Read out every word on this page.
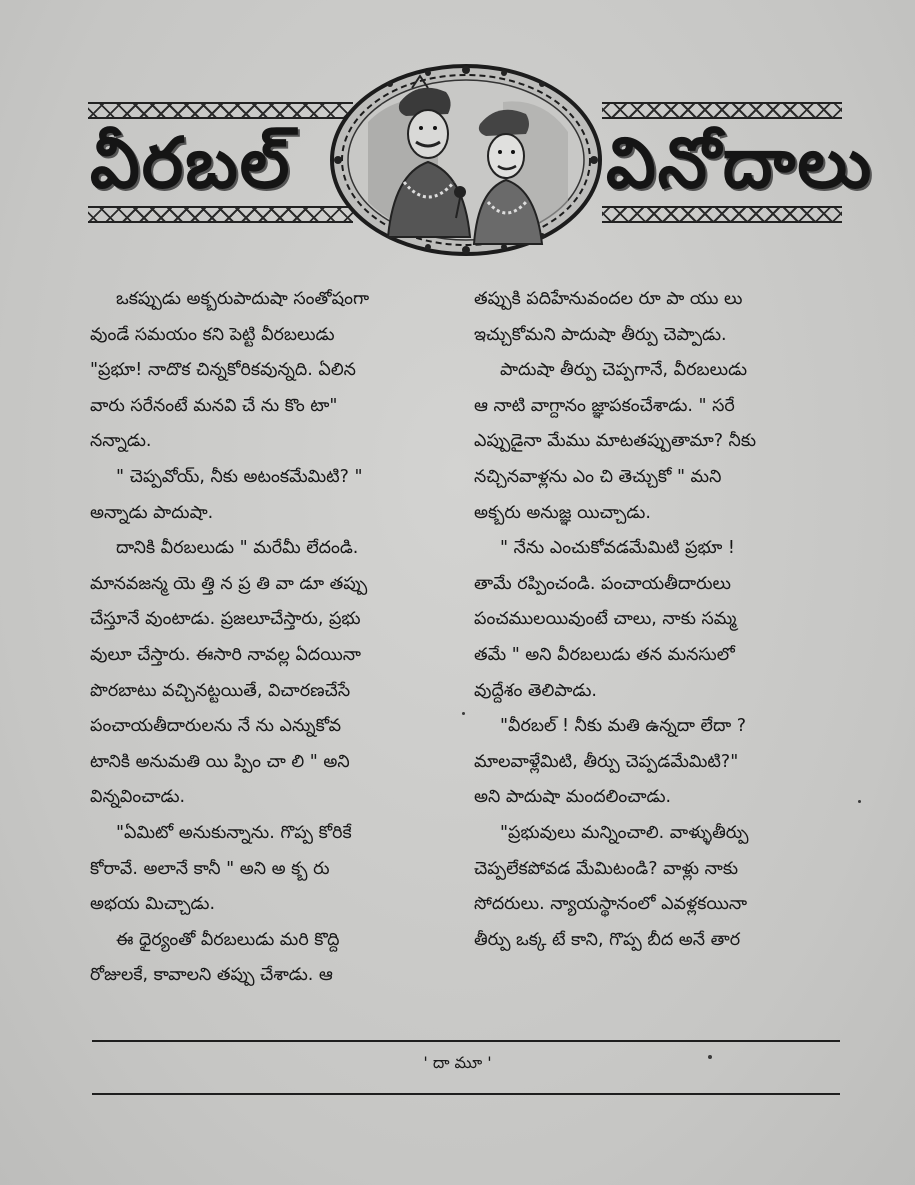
వీరబల్	వినోదాలు
ఒకప్పుడు అక్బరుపాదుషా సంతోషంగా
వుండే సమయం కని పెట్టి వీరబలుడు
"ప్రభూ! నాదొక చిన్నకోరికవున్నది. ఏలిన
వారు సరేనంటే మనవి చే ను కొం టా"
నన్నాడు.
" చెప్పవోయ్, నీకు అటంకమేమిటి? "
అన్నాడు పాదుషా.
దానికి వీరబలుడు " మరేమీ లేదండి.
మానవజన్మ యె త్తి న ప్ర తి వా డూ తప్పు
చేస్తూనే వుంటాడు. ప్రజలూచేస్తారు, ప్రభు
వులూ చేస్తారు. ఈసారి నావల్ల ఏదయినా
పొరబాటు వచ్చినట్టయితే, విచారణచేసే
పంచాయతీదారులను నే ను ఎన్నుకోవ
టానికి అనుమతి యి ప్పిం చా లి " అని
విన్నవించాడు.
"ఏమిటో అనుకున్నాను. గొప్ప కోరికే
కోరావే. అలానే కానీ " అని అ క్బ రు
అభయ మిచ్చాడు.
ఈ ధైర్యంతో వీరబలుడు మరి కొద్ది
రోజులకే, కావాలని తప్పు చేశాడు. ఆ
తప్పుకి పదిహేనువందల రూ పా యు లు
ఇచ్చుకోమని పాదుషా తీర్పు చెప్పాడు.
పాదుషా తీర్పు చెప్పగానే, వీరబలుడు
ఆ నాటి వాగ్దానం జ్ఞాపకంచేశాడు. " సరే
ఎప్పుడైనా మేము మాటతప్పుతామా? నీకు
నచ్చినవాళ్లను ఎం చి తెచ్చుకో " మని
అక్బరు అనుజ్ఞ యిచ్చాడు.
" నేను ఎంచుకోవడమేమిటి ప్రభూ !
తామే రప్పించండి. పంచాయతీదారులు
పంచములయివుంటే చాలు, నాకు సమ్మ
తమే " అని వీరబలుడు తన మనసులో
వుద్దేశం తెలిపాడు.
"వీరబల్ ! నీకు మతి ఉన్నదా లేదా ?
మాలవాళ్లేమిటి, తీర్పు చెప్పడమేమిటి?"
అని పాదుషా మందలించాడు.
"ప్రభువులు మన్నించాలి. వాళ్ళుతీర్పు
చెప్పలేకపోవడ మేమిటండి? వాళ్లు నాకు
సోదరులు. న్యాయస్థానంలో ఎవళ్లకయినా
తీర్పు ఒక్క టే కాని, గొప్ప బీద అనే తార
' దా మూ '
